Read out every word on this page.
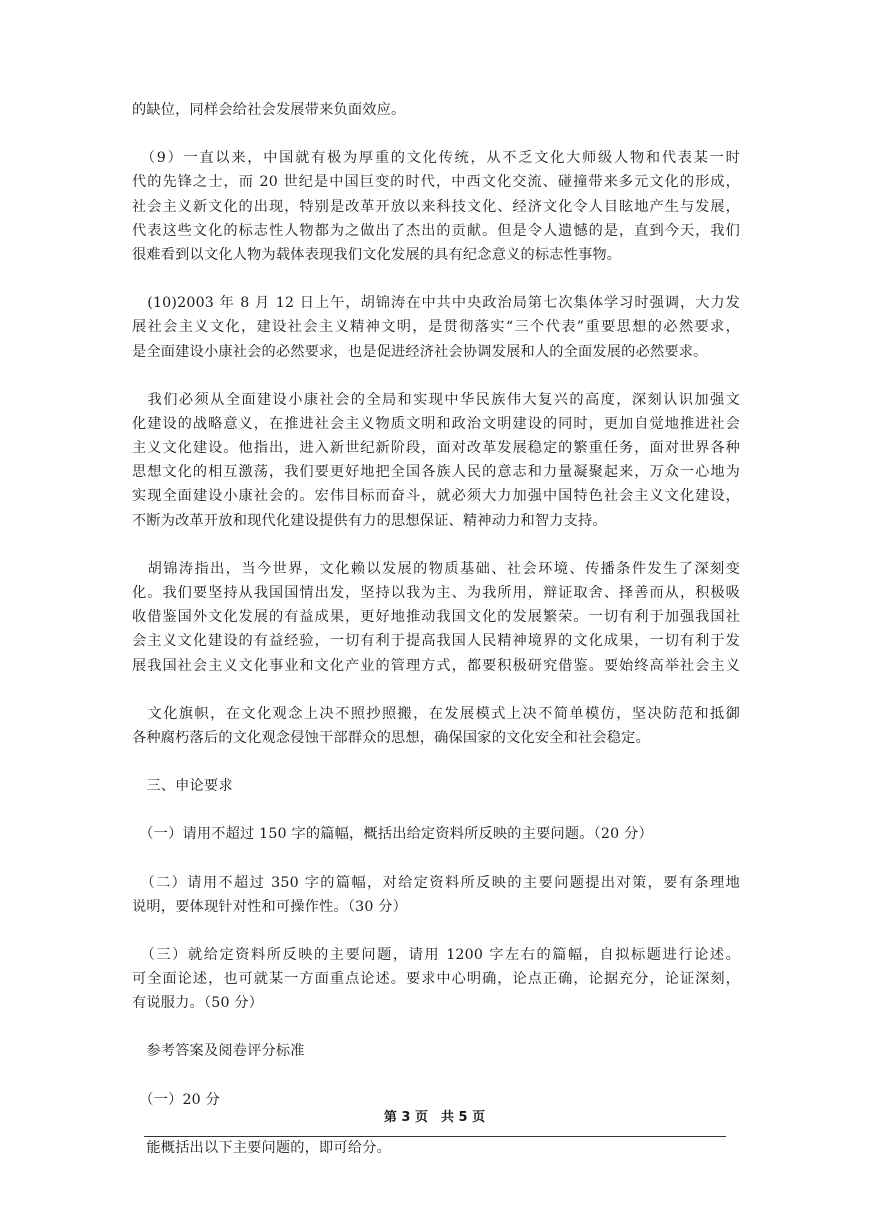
的缺位，同样会给社会发展带来负面效应。
　（9）一直以来，中国就有极为厚重的文化传统，从不乏文化大师级人物和代表某一时
代的先锋之士，而 20 世纪是中国巨变的时代，中西文化交流、碰撞带来多元文化的形成，
社会主义新文化的出现，特别是改革开放以来科技文化、经济文化令人目眩地产生与发展，
代表这些文化的标志性人物都为之做出了杰出的贡献。但是令人遗憾的是，直到今天，我们
很难看到以文化人物为载体表现我们文化发展的具有纪念意义的标志性事物。
　(10)2003 年 8 月 12 日上午，胡锦涛在中共中央政治局第七次集体学习时强调，大力发
展社会主义文化，建设社会主义精神文明，是贯彻落实“三个代表”重要思想的必然要求，
是全面建设小康社会的必然要求，也是促进经济社会协调发展和人的全面发展的必然要求。
　我们必须从全面建设小康社会的全局和实现中华民族伟大复兴的高度，深刻认识加强文
化建设的战略意义，在推进社会主义物质文明和政治文明建设的同时，更加自觉地推进社会
主义文化建设。他指出，进入新世纪新阶段，面对改革发展稳定的繁重任务，面对世界各种
思想文化的相互激荡，我们要更好地把全国各族人民的意志和力量凝聚起来，万众一心地为
实现全面建设小康社会的。宏伟目标而奋斗，就必须大力加强中国特色社会主义文化建设，
不断为改革开放和现代化建设提供有力的思想保证、精神动力和智力支持。
　胡锦涛指出，当今世界，文化赖以发展的物质基础、社会环境、传播条件发生了深刻变
化。我们要坚持从我国国情出发，坚持以我为主、为我所用，辩证取舍、择善而从，积极吸
收借鉴国外文化发展的有益成果，更好地推动我国文化的发展繁荣。一切有利于加强我国社
会主义文化建设的有益经验，一切有利于提高我国人民精神境界的文化成果，一切有利于发
展我国社会主义文化事业和文化产业的管理方式，都要积极研究借鉴。要始终高举社会主义
　文化旗帜，在文化观念上决不照抄照搬，在发展模式上决不简单模仿，坚决防范和抵御
各种腐朽落后的文化观念侵蚀干部群众的思想，确保国家的文化安全和社会稳定。
　三、申论要求
　（一）请用不超过 150 字的篇幅，概括出给定资料所反映的主要问题。（20 分）
　（二）请用不超过 350 字的篇幅，对给定资料所反映的主要问题提出对策，要有条理地
说明，要体现针对性和可操作性。（30 分）
　（三）就给定资料所反映的主要问题，请用 1200 字左右的篇幅，自拟标题进行论述。
可全面论述，也可就某一方面重点论述。要求中心明确，论点正确，论据充分，论证深刻，
有说服力。（50 分）
　参考答案及阅卷评分标准
　（一）20 分
　能概括出以下主要问题的，即可给分。
第 3 页　共 5 页
